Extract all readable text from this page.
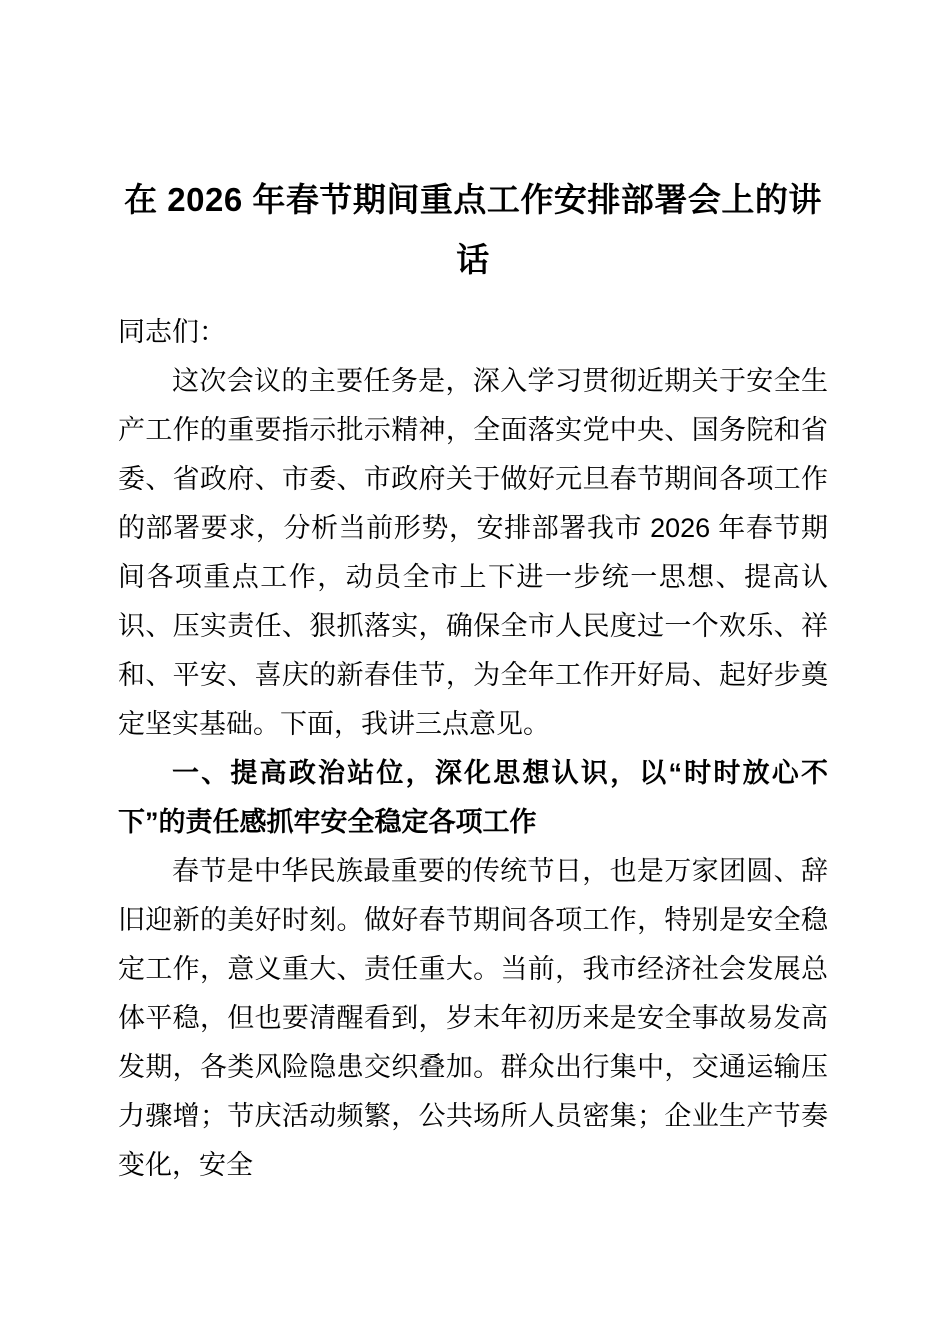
在 2026 年春节期间重点工作安排部署会上的讲话

同志们：

这次会议的主要任务是，深入学习贯彻近期关于安全生产工作的重要指示批示精神，全面落实党中央、国务院和省委、省政府、市委、市政府关于做好元旦春节期间各项工作的部署要求，分析当前形势，安排部署我市 2026 年春节期间各项重点工作，动员全市上下进一步统一思想、提高认识、压实责任、狠抓落实，确保全市人民度过一个欢乐、祥和、平安、喜庆的新春佳节，为全年工作开好局、起好步奠定坚实基础。下面，我讲三点意见。

一、提高政治站位，深化思想认识，以“时时放心不下”的责任感抓牢安全稳定各项工作

春节是中华民族最重要的传统节日，也是万家团圆、辞旧迎新的美好时刻。做好春节期间各项工作，特别是安全稳定工作，意义重大、责任重大。当前，我市经济社会发展总体平稳，但也要清醒看到，岁末年初历来是安全事故易发高发期，各类风险隐患交织叠加。群众出行集中，交通运输压力骤增；节庆活动频繁，公共场所人员密集；企业生产节奏变化，安全
